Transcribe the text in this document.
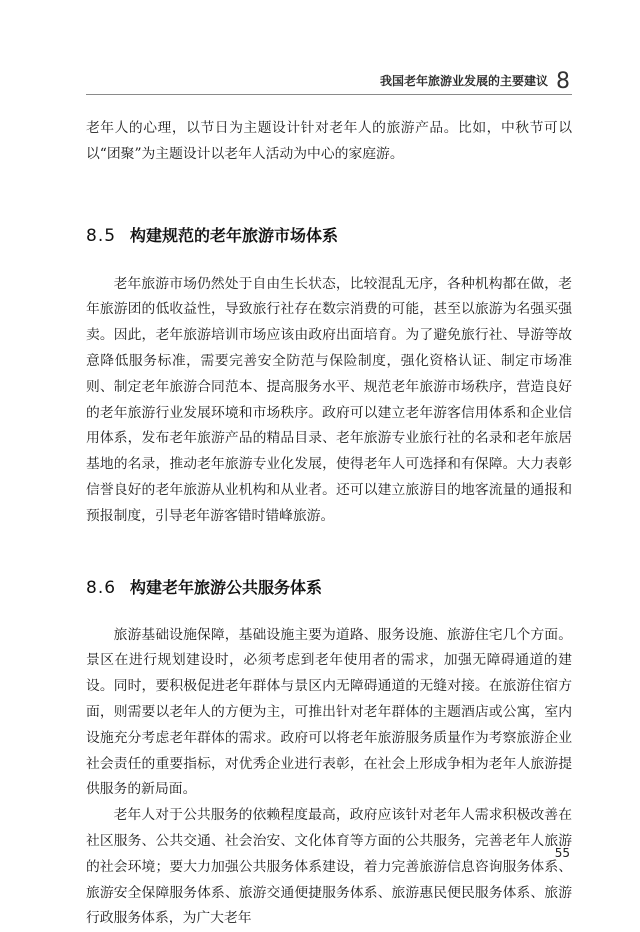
我国老年旅游业发展的主要建议 8

老年人的心理，以节日为主题设计针对老年人的旅游产品。比如，中秋节可以以“团聚”为主题设计以老年人活动为中心的家庭游。

8.5 构建规范的老年旅游市场体系

老年旅游市场仍然处于自由生长状态，比较混乱无序，各种机构都在做，老年旅游团的低收益性，导致旅行社存在数宗消费的可能，甚至以旅游为名强买强卖。因此，老年旅游培训市场应该由政府出面培育。为了避免旅行社、导游等故意降低服务标准，需要完善安全防范与保险制度，强化资格认证、制定市场准则、制定老年旅游合同范本、提高服务水平、规范老年旅游市场秩序，营造良好的老年旅游行业发展环境和市场秩序。政府可以建立老年游客信用体系和企业信用体系，发布老年旅游产品的精品目录、老年旅游专业旅行社的名录和老年旅居基地的名录，推动老年旅游专业化发展，使得老年人可选择和有保障。大力表彰信誉良好的老年旅游从业机构和从业者。还可以建立旅游目的地客流量的通报和预报制度，引导老年游客错时错峰旅游。

8.6 构建老年旅游公共服务体系

旅游基础设施保障，基础设施主要为道路、服务设施、旅游住宅几个方面。景区在进行规划建设时，必须考虑到老年使用者的需求，加强无障碍通道的建设。同时，要积极促进老年群体与景区内无障碍通道的无缝对接。在旅游住宿方面，则需要以老年人的方便为主，可推出针对老年群体的主题酒店或公寓，室内设施充分考虑老年群体的需求。政府可以将老年旅游服务质量作为考察旅游企业社会责任的重要指标，对优秀企业进行表彰，在社会上形成争相为老年人旅游提供服务的新局面。

老年人对于公共服务的依赖程度最高，政府应该针对老年人需求积极改善在社区服务、公共交通、社会治安、文化体育等方面的公共服务，完善老年人旅游的社会环境；要大力加强公共服务体系建设，着力完善旅游信息咨询服务体系、旅游安全保障服务体系、旅游交通便捷服务体系、旅游惠民便民服务体系、旅游行政服务体系，为广大老年

55
